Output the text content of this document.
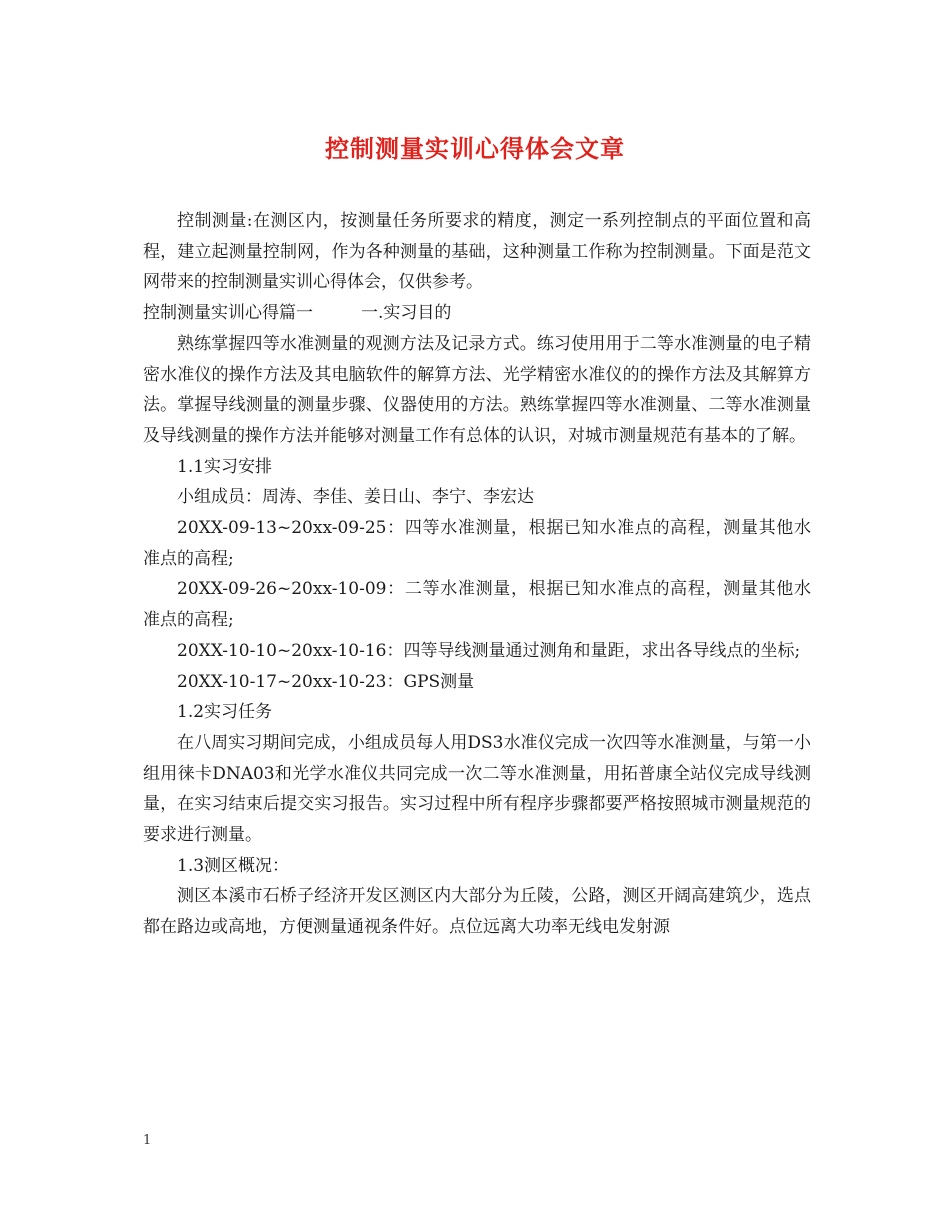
控制测量实训心得体会文章

控制测量:在测区内，按测量任务所要求的精度，测定一系列控制点的平面位置和高程，建立起测量控制网，作为各种测量的基础，这种测量工作称为控制测量。下面是范文网带来的控制测量实训心得体会，仅供参考。

控制测量实训心得篇一	一.实习目的

熟练掌握四等水准测量的观测方法及记录方式。练习使用用于二等水准测量的电子精密水准仪的操作方法及其电脑软件的解算方法、光学精密水准仪的的操作方法及其解算方法。掌握导线测量的测量步骤、仪器使用的方法。熟练掌握四等水准测量、二等水准测量及导线测量的操作方法并能够对测量工作有总体的认识，对城市测量规范有基本的了解。

1.1实习安排

小组成员：周涛、李佳、姜日山、李宁、李宏达

20XX-09-13~20xx-09-25：四等水准测量，根据已知水准点的高程，测量其他水准点的高程;

20XX-09-26~20xx-10-09：二等水准测量，根据已知水准点的高程，测量其他水准点的高程;

20XX-10-10~20xx-10-16：四等导线测量通过测角和量距，求出各导线点的坐标;

20XX-10-17~20xx-10-23：GPS测量

1.2实习任务

在八周实习期间完成，小组成员每人用DS3水准仪完成一次四等水准测量，与第一小组用徕卡DNA03和光学水准仪共同完成一次二等水准测量，用拓普康全站仪完成导线测量，在实习结束后提交实习报告。实习过程中所有程序步骤都要严格按照城市测量规范的要求进行测量。

1.3测区概况：

测区本溪市石桥子经济开发区测区内大部分为丘陵，公路，测区开阔高建筑少，选点都在路边或高地，方便测量通视条件好。点位远离大功率无线电发射源

1
